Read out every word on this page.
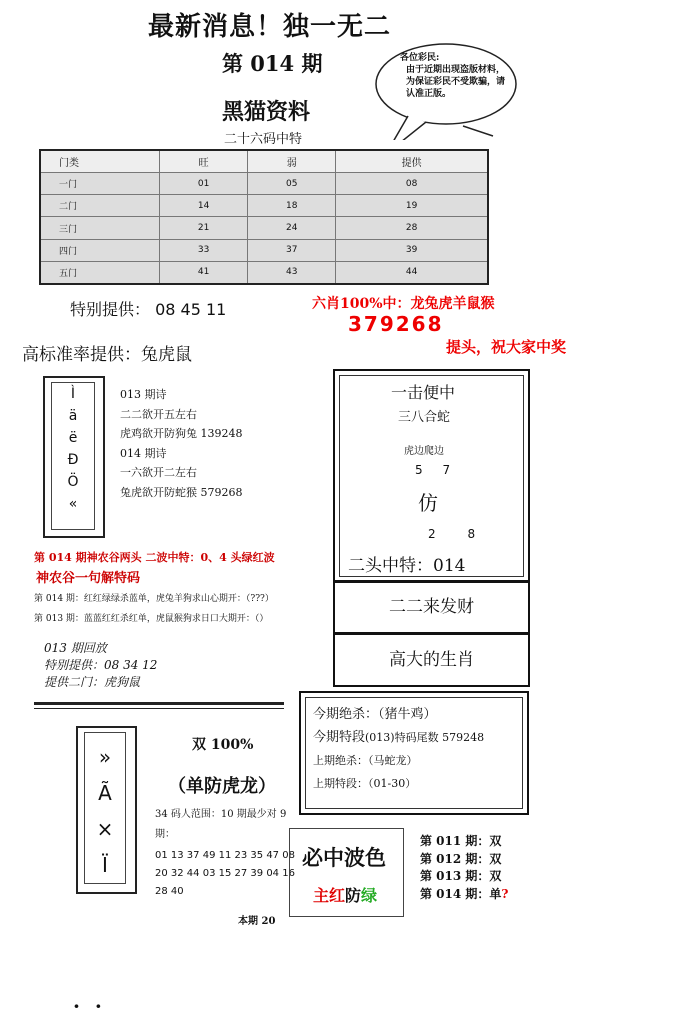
最新消息！独一无二
第 014 期
黑猫资料
二十六码中特
各位彩民:
由于近期出现盗版材料，为保证彩民不受欺骗，请认准正版。
门类	旺	弱	提供
一门	01	05	08
二门	14	18	19
三门	21	24	28
四门	33	37	39
五门	41	43	44
特别提供： 08 45 11	六肖100%中：龙兔虎羊鼠猴
379268
高标准率提供：兔虎鼠	提头，祝大家中奖
Ì
ä
ë
Ð
Ö
«
013 期诗
二二欲开五左右
虎鸡欲开防狗兔 139248
014 期诗
一六欲开二左右
兔虎欲开防蛇猴 579268
第 014 期神农谷两头 二波中特：0、4 头绿红波
神农谷一句解特码
第 014 期：红红绿绿杀蓝单，虎兔羊狗求山心期开：（???）
第 013 期：蓝蓝红红杀红单，虎鼠猴狗求日口大期开：（）
013 期回放
特别提供：08 34 12
提供二门：虎狗鼠
一击便中
三八合蛇
虎边爬边
5 7
仿
2 8
二头中特：014
二二来发财
高大的生肖
今期绝杀：（猪牛鸡）
今期特段(013)特码尾数 579248
上期绝杀：（马蛇龙）
上期特段：（01-30）
»
Ã
×
Ï
双 100%
（单防虎龙）
34 码人范围：10 期最少对 9 期：
01 13 37 49 11 23 35 47 08 20 32 44 03 15 27 39 04 16 28 40
本期 20
必中波色
主红防绿
第 011 期：双
第 012 期：双
第 013 期：双
第 014 期：单?
· ·
